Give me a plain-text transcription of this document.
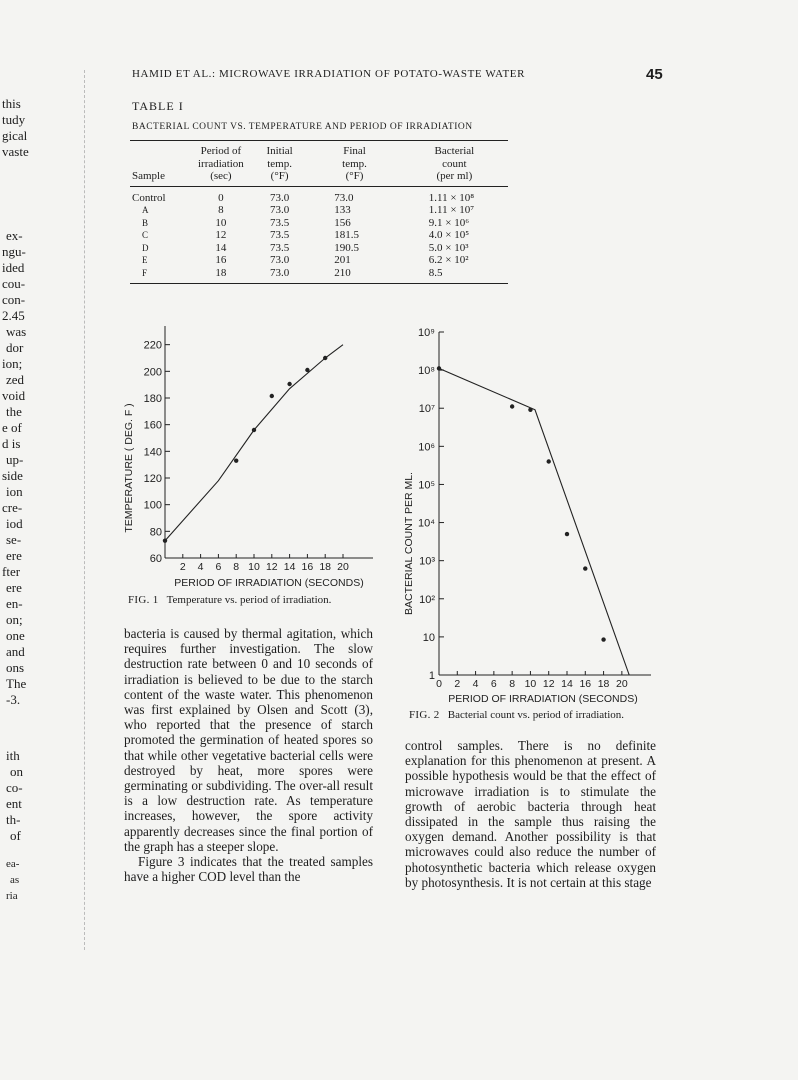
this
tudy
gical
vaste
ex-
ngu-
ided
cou-
con-
2.45
was
dor
ion;
zed
void
the
e of
d is
up-
side
ion
cre-
iod
se-
ere
fter
ere
en-
on;
one
and
ons
The
-3.
ith
on
co-
ent
th-
of
ea-
as
ria
HAMID ET AL.: MICROWAVE IRRADIATION OF POTATO-WASTE WATER	45
TABLE I
BACTERIAL COUNT VS. TEMPERATURE AND PERIOD OF IRRADIATION
Sample	Period of
irradiation
(sec)	Initial
temp.
(°F)	Final
temp.
(°F)	Bacterial
count
(per ml)
Control	0	73.0	73.0	1.11 × 10⁸
A	8	73.0	133	1.11 × 10⁷
B	10	73.5	156	9.1 × 10⁶
C	12	73.5	181.5	4.0 × 10⁵
D	14	73.5	190.5	5.0 × 10³
E	16	73.0	201	6.2 × 10²
F	18	73.0	210	8.5
60
80
100
120
140
160
180
200
220
2 4 6 8 10 12 14 16 18 20
PERIOD OF IRRADIATION (SECONDS)
TEMPERATURE ( DEG. F )
FIG. 1 Temperature vs. period of irradiation.
1
10
10²
10³
10⁴
10⁵
10⁶
10⁷
10⁸
10⁹
0 2 4 6 8 10 12 14 16 18 20
PERIOD OF IRRADIATION (SECONDS)
BACTERIAL COUNT PER ML.
FIG. 2 Bacterial count vs. period of irradiation.

bacteria is caused by thermal agitation, which requires further investigation. The slow destruction rate between 0 and 10 seconds of irradiation is believed to be due to the starch content of the waste water. This phenomenon was first explained by Olsen and Scott (3), who reported that the presence of starch promoted the germination of heated spores so that while other vegetative bacterial cells were destroyed by heat, more spores were germinating or subdividing. The over-all result is a low destruction rate. As temperature increases, however, the spore activity apparently decreases since the final portion of the graph has a steeper slope.

Figure 3 indicates that the treated samples have a higher COD level than the

control samples. There is no definite explanation for this phenomenon at present. A possible hypothesis would be that the effect of microwave irradiation is to stimulate the growth of aerobic bacteria through heat dissipated in the sample thus raising the oxygen demand. Another possibility is that microwaves could also reduce the number of photosynthetic bacteria which release oxygen by photosynthesis. It is not certain at this stage
